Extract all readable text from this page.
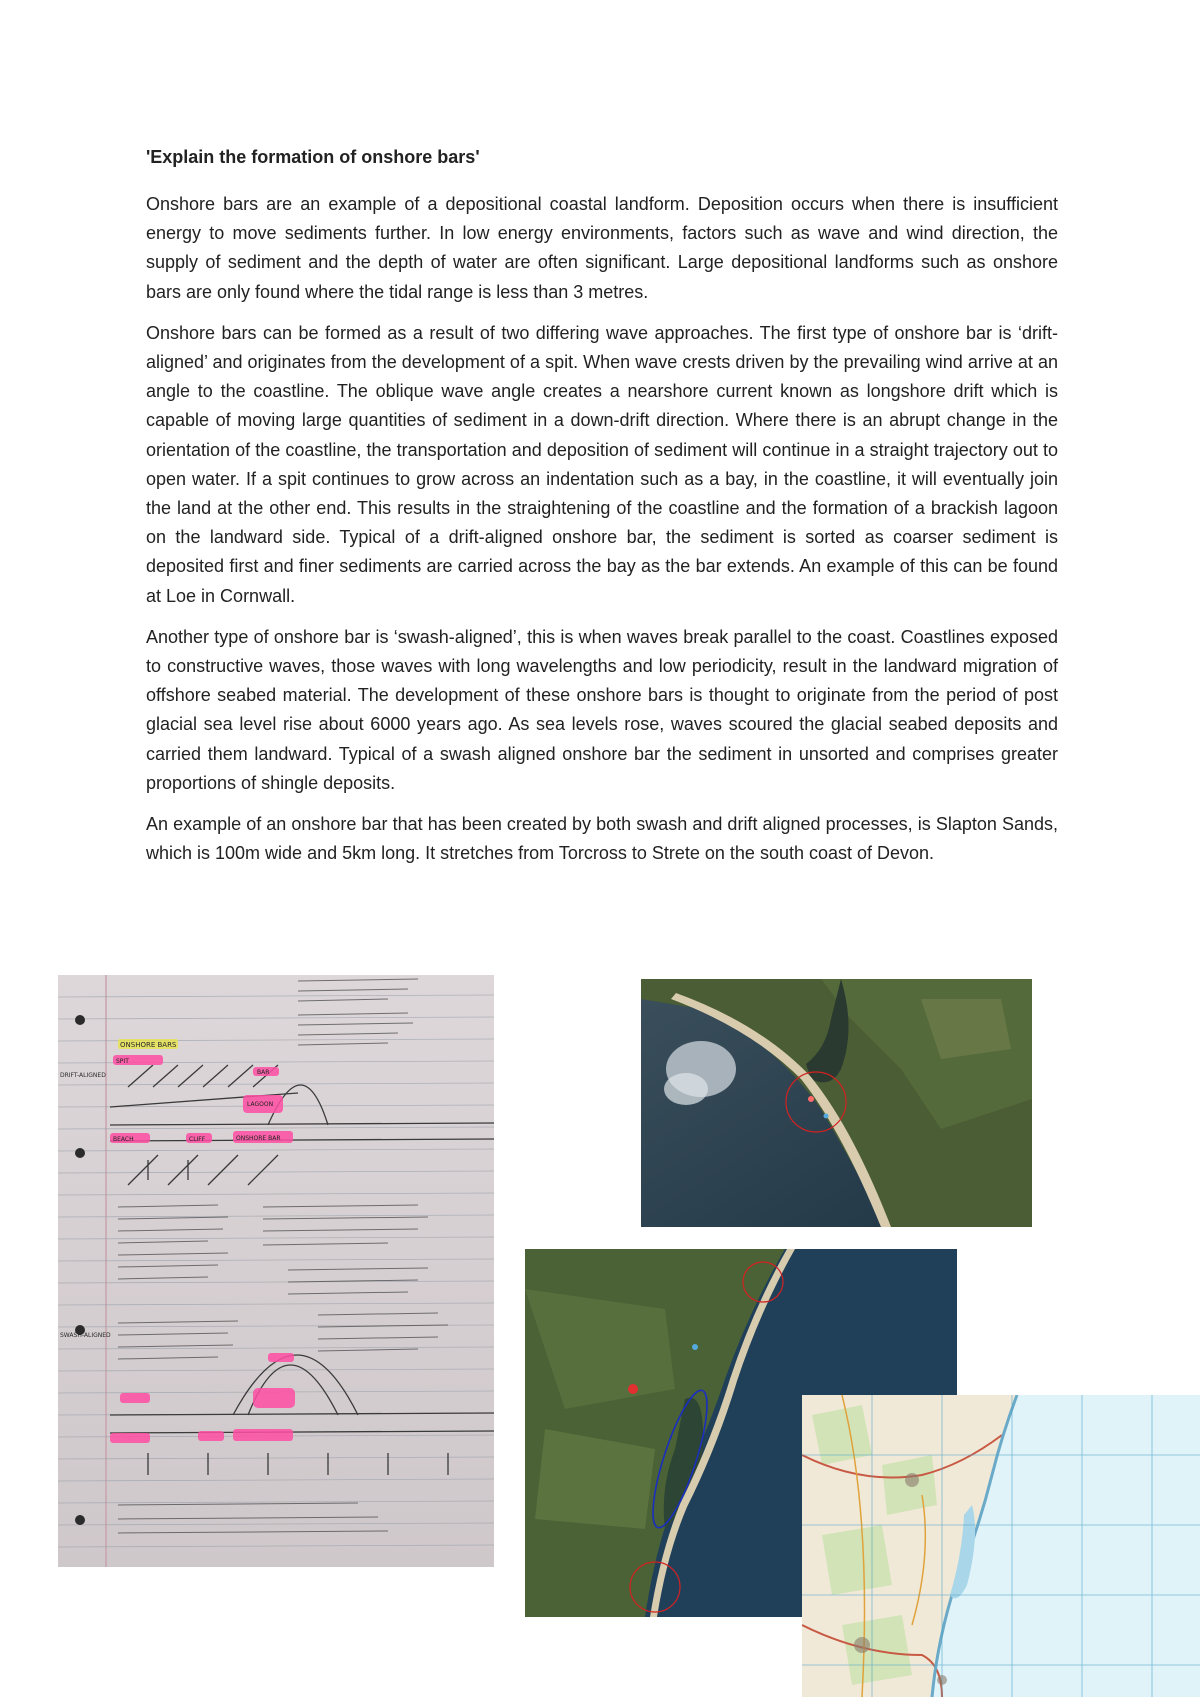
'Explain the formation of onshore bars'

Onshore bars are an example of a depositional coastal landform. Deposition occurs when there is insufficient energy to move sediments further. In low energy environments, factors such as wave and wind direction, the supply of sediment and the depth of water are often significant. Large depositional landforms such as onshore bars are only found where the tidal range is less than 3 metres.

Onshore bars can be formed as a result of two differing wave approaches. The first type of onshore bar is ‘drift-aligned’ and originates from the development of a spit. When wave crests driven by the prevailing wind arrive at an angle to the coastline. The oblique wave angle creates a nearshore current known as longshore drift which is capable of moving large quantities of sediment in a down-drift direction. Where there is an abrupt change in the orientation of the coastline, the transportation and deposition of sediment will continue in a straight trajectory out to open water. If a spit continues to grow across an indentation such as a bay, in the coastline, it will eventually join the land at the other end. This results in the straightening of the coastline and the formation of a brackish lagoon on the landward side. Typical of a drift-aligned onshore bar, the sediment is sorted as coarser sediment is deposited first and finer sediments are carried across the bay as the bar extends. An example of this can be found at Loe in Cornwall.

Another type of onshore bar is ‘swash-aligned’, this is when waves break parallel to the coast. Coastlines exposed to constructive waves, those waves with long wavelengths and low periodicity, result in the landward migration of offshore seabed material. The development of these onshore bars is thought to originate from the period of post glacial sea level rise about 6000 years ago. As sea levels rose, waves scoured the glacial seabed deposits and carried them landward. Typical of a swash aligned onshore bar the sediment in unsorted and comprises greater proportions of shingle deposits.

An example of an onshore bar that has been created by both swash and drift aligned processes, is Slapton Sands, which is 100m wide and 5km long. It stretches from Torcross to Strete on the south coast of Devon.

ONSHORE BARS
DRIFT-ALIGNED
SWASH-ALIGNED
SPIT
BAR
LAGOON
BEACH	CLIFF	ONSHORE BAR
